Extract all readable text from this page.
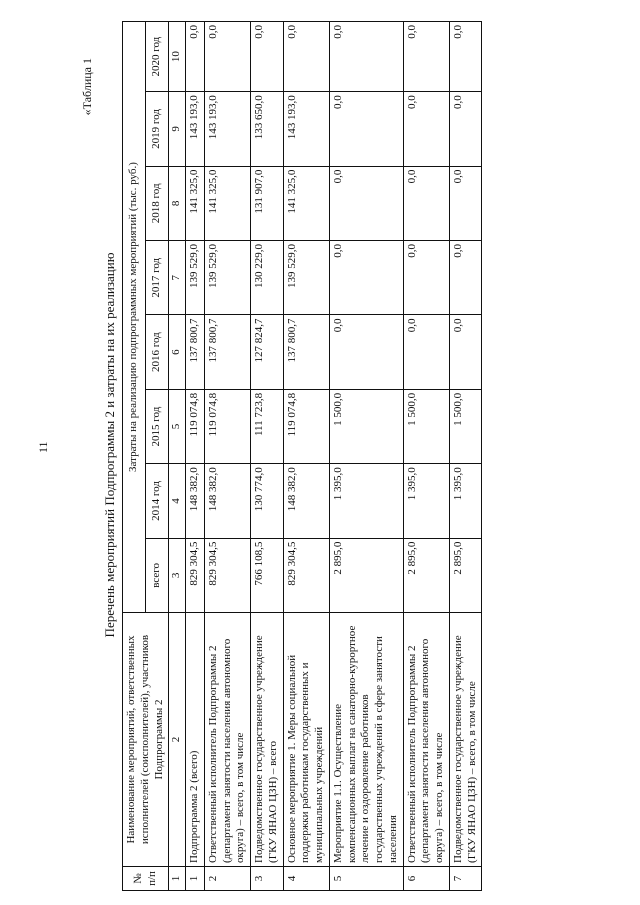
11
«Таблица 1
Перечень мероприятий Подпрограммы 2 и затраты на их реализацию
№ п/п	Наименование мероприятий, ответственных исполнителей (соисполнителей), участников Подпрограммы 2	Затраты на реализацию подпрограммных мероприятий (тыс. руб.)							
		всего	2014 год	2015 год	2016 год	2017 год	2018 год	2019 год	2020 год
1	2	3	4	5	6	7	8	9	10
1	Подпрограмма 2 (всего)	829 304,5	148 382,0	119 074,8	137 800,7	139 529,0	141 325,0	143 193,0	0,0
2	Ответственный исполнитель Подпрограммы 2 (департамент занятости населения автономного округа) – всего, в том числе	829 304,5	148 382,0	119 074,8	137 800,7	139 529,0	141 325,0	143 193,0	0,0
3	Подведомственное государственное учреждение (ГКУ ЯНАО ЦЗН) – всего	766 108,5	130 774,0	111 723,8	127 824,7	130 229,0	131 907,0	133 650,0	0,0
4	Основное мероприятие 1. Меры социальной поддержки работникам государственных и муниципальных учреждений	829 304,5	148 382,0	119 074,8	137 800,7	139 529,0	141 325,0	143 193,0	0,0
5	Мероприятие 1.1. Осуществление компенсационных выплат на санаторно-курортное лечение и оздоровление работников государственных учреждений в сфере занятости населения	2 895,0	1 395,0	1 500,0	0,0	0,0	0,0	0,0	0,0
6	Ответственный исполнитель Подпрограммы 2 (департамент занятости населения автономного округа) – всего, в том числе	2 895,0	1 395,0	1 500,0	0,0	0,0	0,0	0,0	0,0
7	Подведомственное государственное учреждение (ГКУ ЯНАО ЦЗН) – всего, в том числе	2 895,0	1 395,0	1 500,0	0,0	0,0	0,0	0,0	0,0
